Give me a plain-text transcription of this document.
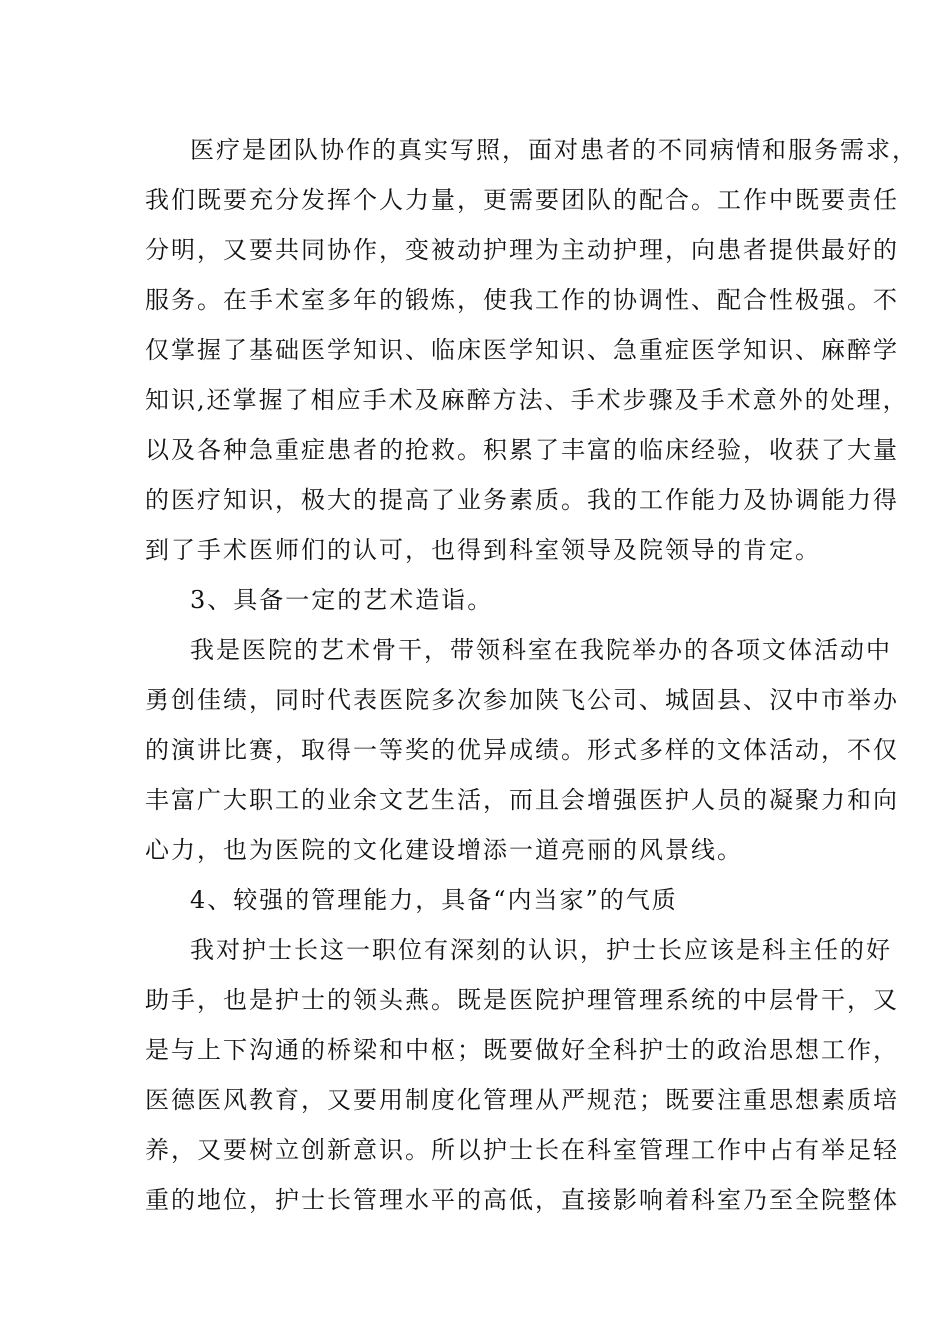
医疗是团队协作的真实写照，面对患者的不同病情和服务需求，
我们既要充分发挥个人力量，更需要团队的配合。工作中既要责任
分明，又要共同协作，变被动护理为主动护理，向患者提供最好的
服务。在手术室多年的锻炼，使我工作的协调性、配合性极强。不
仅掌握了基础医学知识、临床医学知识、急重症医学知识、麻醉学
知识,还掌握了相应手术及麻醉方法、手术步骤及手术意外的处理，
以及各种急重症患者的抢救。积累了丰富的临床经验，收获了大量
的医疗知识，极大的提高了业务素质。我的工作能力及协调能力得
到了手术医师们的认可，也得到科室领导及院领导的肯定。
3、具备一定的艺术造诣。
我是医院的艺术骨干，带领科室在我院举办的各项文体活动中
勇创佳绩，同时代表医院多次参加陕飞公司、城固县、汉中市举办
的演讲比赛，取得一等奖的优异成绩。形式多样的文体活动，不仅
丰富广大职工的业余文艺生活，而且会增强医护人员的凝聚力和向
心力，也为医院的文化建设增添一道亮丽的风景线。
4、较强的管理能力，具备“内当家”的气质
我对护士长这一职位有深刻的认识，护士长应该是科主任的好
助手，也是护士的领头燕。既是医院护理管理系统的中层骨干，又
是与上下沟通的桥梁和中枢；既要做好全科护士的政治思想工作，
医德医风教育，又要用制度化管理从严规范；既要注重思想素质培
养，又要树立创新意识。所以护士长在科室管理工作中占有举足轻
重的地位，护士长管理水平的高低，直接影响着科室乃至全院整体
